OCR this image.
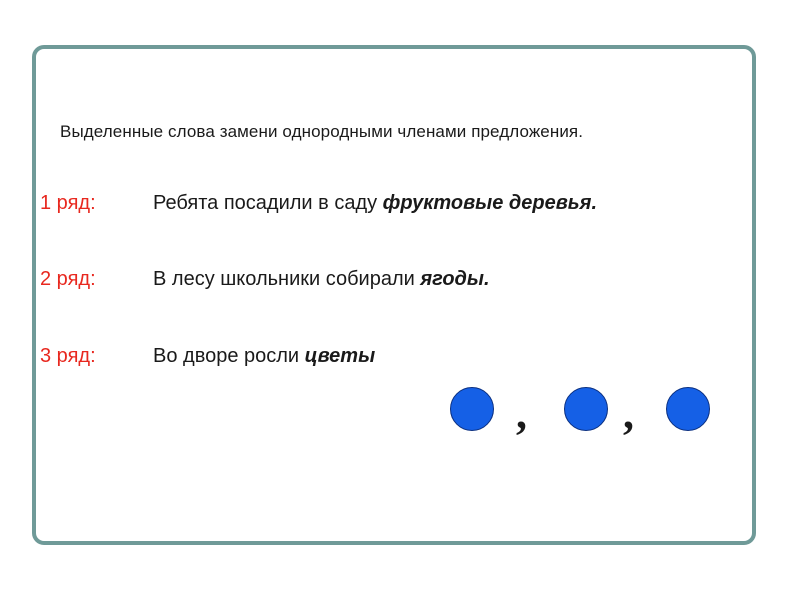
Выделенные слова замени однородными членами предложения.
1 ряд:	Ребята посадили в саду фруктовые деревья.
2 ряд:	В лесу школьники собирали ягоды.
3 ряд:	Во дворе росли цветы
, ,
